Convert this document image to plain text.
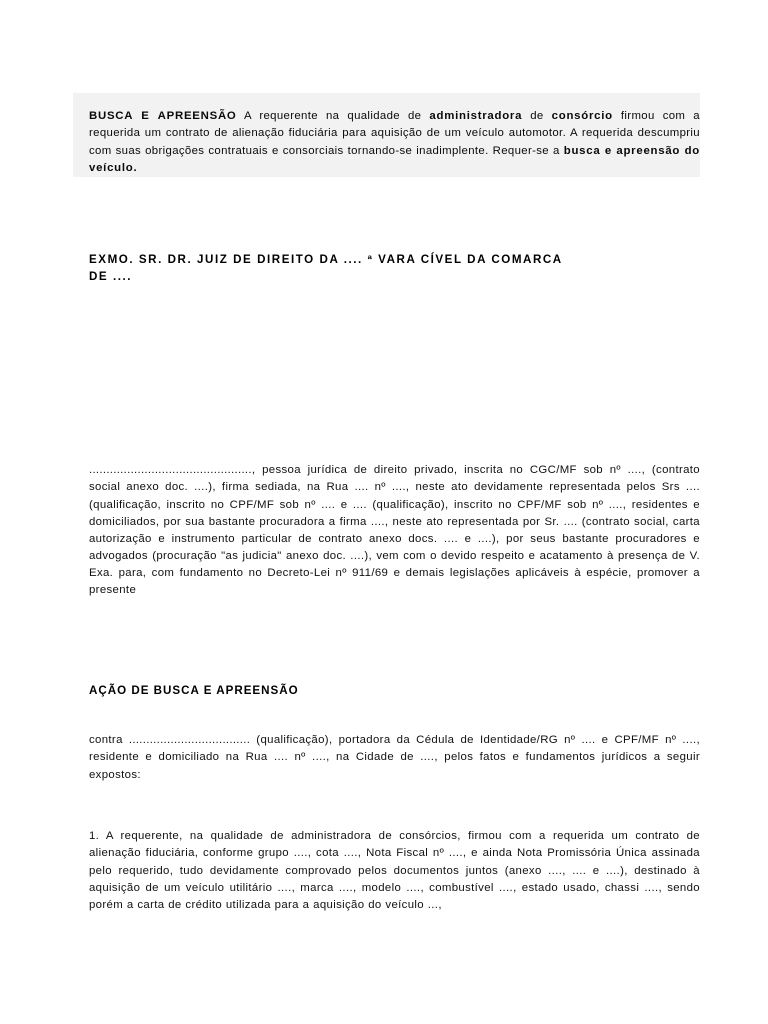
BUSCA E APREENSÃO A requerente na qualidade de administradora de consórcio firmou com a requerida um contrato de alienação fiduciária para aquisição de um veículo automotor. A requerida descumpriu com suas obrigações contratuais e consorciais tornando-se inadimplente. Requer-se a busca e apreensão do veículo.

EXMO. SR. DR. JUIZ DE DIREITO DA .... ª VARA CÍVEL DA COMARCA
DE ....

..............................................., pessoa jurídica de direito privado, inscrita no CGC/MF sob nº ...., (contrato social anexo doc. ....), firma sediada, na Rua .... nº ...., neste ato devidamente representada pelos Srs .... (qualificação, inscrito no CPF/MF sob nº .... e .... (qualificação), inscrito no CPF/MF sob nº ...., residentes e domiciliados, por sua bastante procuradora a firma ...., neste ato representada por Sr. .... (contrato social, carta autorização e instrumento particular de contrato anexo docs. .... e ....), por seus bastante procuradores e advogados (procuração "as judicia" anexo doc. ....), vem com o devido respeito e acatamento à presença de V. Exa. para, com fundamento no Decreto-Lei nº 911/69 e demais legislações aplicáveis à espécie, promover a presente

AÇÃO DE BUSCA E APREENSÃO

contra ................................... (qualificação), portadora da Cédula de Identidade/RG nº .... e CPF/MF nº ...., residente e domiciliado na Rua .... nº ...., na Cidade de ...., pelos fatos e fundamentos jurídicos a seguir expostos:

1. A requerente, na qualidade de administradora de consórcios, firmou com a requerida um contrato de alienação fiduciária, conforme grupo ...., cota ...., Nota Fiscal nº ...., e ainda Nota Promissória Única assinada pelo requerido, tudo devidamente comprovado pelos documentos juntos (anexo ...., .... e ....), destinado à aquisição de um veículo utilitário ...., marca ...., modelo ...., combustível ...., estado usado, chassi ...., sendo porém a carta de crédito utilizada para a aquisição do veículo ...,
